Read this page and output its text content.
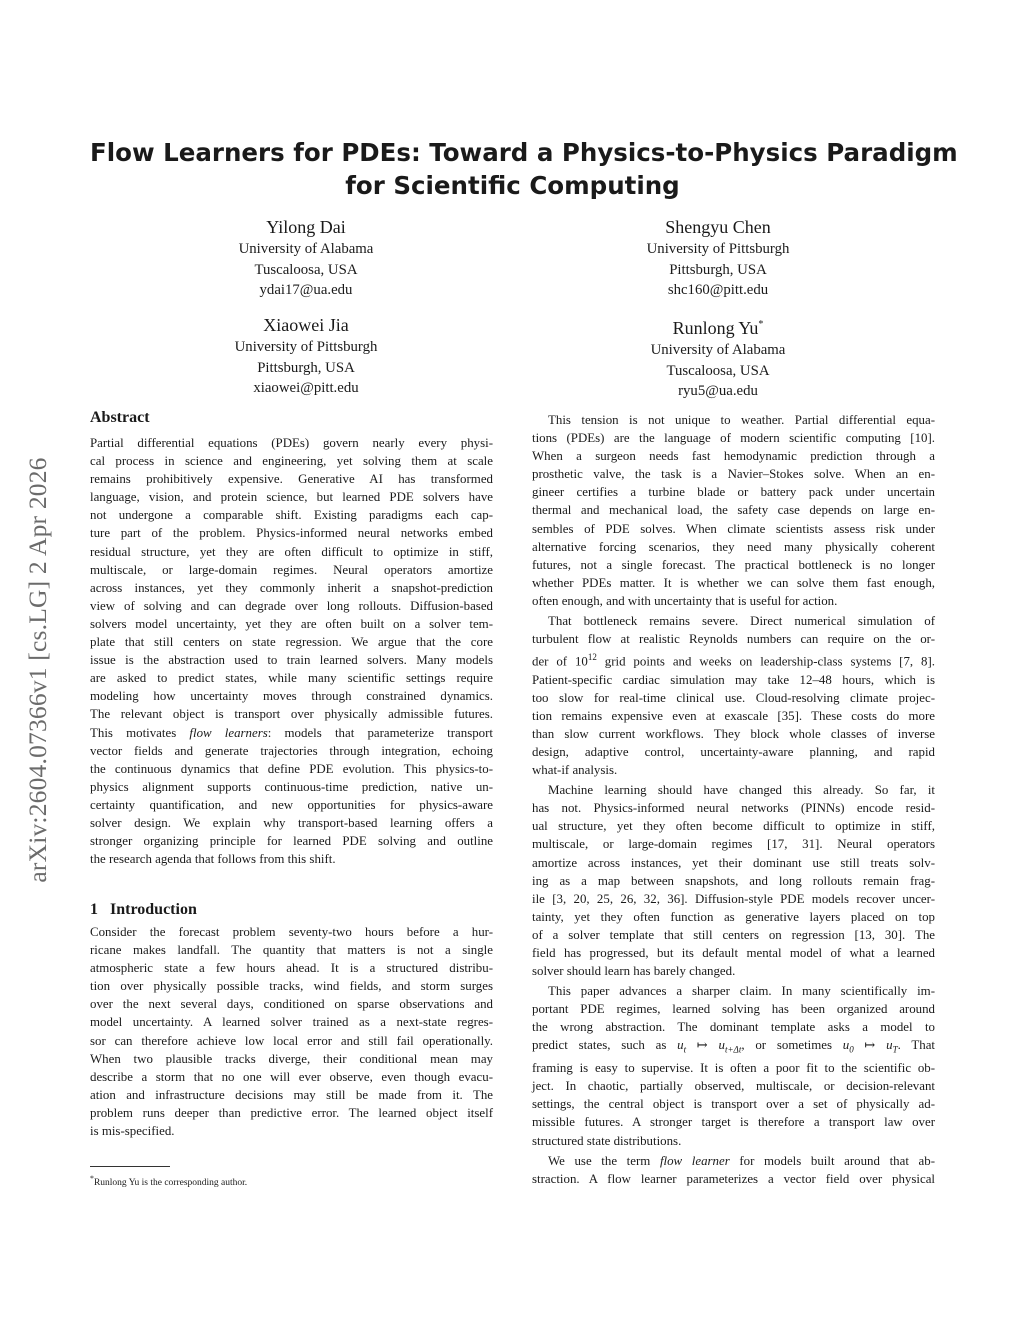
arXiv:2604.07366v1 [cs.LG] 2 Apr 2026
Flow Learners for PDEs: Toward a Physics-to-Physics Paradigm
for Scientific Computing
Yilong Dai
University of Alabama
Tuscaloosa, USA
ydai17@ua.edu
Shengyu Chen
University of Pittsburgh
Pittsburgh, USA
shc160@pitt.edu
Xiaowei Jia
University of Pittsburgh
Pittsburgh, USA
xiaowei@pitt.edu
Runlong Yu*
University of Alabama
Tuscaloosa, USA
ryu5@ua.edu
Abstract
Partial differential equations (PDEs) govern nearly every physi-
cal process in science and engineering, yet solving them at scale
remains prohibitively expensive. Generative AI has transformed
language, vision, and protein science, but learned PDE solvers have
not undergone a comparable shift. Existing paradigms each cap-
ture part of the problem. Physics-informed neural networks embed
residual structure, yet they are often difficult to optimize in stiff,
multiscale, or large-domain regimes. Neural operators amortize
across instances, yet they commonly inherit a snapshot-prediction
view of solving and can degrade over long rollouts. Diffusion-based
solvers model uncertainty, yet they are often built on a solver tem-
plate that still centers on state regression. We argue that the core
issue is the abstraction used to train learned solvers. Many models
are asked to predict states, while many scientific settings require
modeling how uncertainty moves through constrained dynamics.
The relevant object is transport over physically admissible futures.
This motivates flow learners: models that parameterize transport
vector fields and generate trajectories through integration, echoing
the continuous dynamics that define PDE evolution. This physics-to-
physics alignment supports continuous-time prediction, native un-
certainty quantification, and new opportunities for physics-aware
solver design. We explain why transport-based learning offers a
stronger organizing principle for learned PDE solving and outline
the research agenda that follows from this shift.
1 Introduction
Consider the forecast problem seventy-two hours before a hur-
ricane makes landfall. The quantity that matters is not a single
atmospheric state a few hours ahead. It is a structured distribu-
tion over physically possible tracks, wind fields, and storm surges
over the next several days, conditioned on sparse observations and
model uncertainty. A learned solver trained as a next-state regres-
sor can therefore achieve low local error and still fail operationally.
When two plausible tracks diverge, their conditional mean may
describe a storm that no one will ever observe, even though evacu-
ation and infrastructure decisions may still be made from it. The
problem runs deeper than predictive error. The learned object itself
is mis-specified.
*Runlong Yu is the corresponding author.
This tension is not unique to weather. Partial differential equa-
tions (PDEs) are the language of modern scientific computing [10].
When a surgeon needs fast hemodynamic prediction through a
prosthetic valve, the task is a Navier–Stokes solve. When an en-
gineer certifies a turbine blade or battery pack under uncertain
thermal and mechanical load, the safety case depends on large en-
sembles of PDE solves. When climate scientists assess risk under
alternative forcing scenarios, they need many physically coherent
futures, not a single forecast. The practical bottleneck is no longer
whether PDEs matter. It is whether we can solve them fast enough,
often enough, and with uncertainty that is useful for action.
That bottleneck remains severe. Direct numerical simulation of
turbulent flow at realistic Reynolds numbers can require on the or-
der of $10^{12}$ grid points and weeks on leadership-class systems [7, 8].
Patient-specific cardiac simulation may take 12–48 hours, which is
too slow for real-time clinical use. Cloud-resolving climate projec-
tion remains expensive even at exascale [35]. These costs do more
than slow current workflows. They block whole classes of inverse
design, adaptive control, uncertainty-aware planning, and rapid
what-if analysis.
Machine learning should have changed this already. So far, it
has not. Physics-informed neural networks (PINNs) encode resid-
ual structure, yet they often become difficult to optimize in stiff,
multiscale, or large-domain regimes [17, 31]. Neural operators
amortize across instances, yet their dominant use still treats solv-
ing as a map between snapshots, and long rollouts remain frag-
ile [3, 20, 25, 26, 32, 36]. Diffusion-style PDE models recover uncer-
tainty, yet they often function as generative layers placed on top
of a solver template that still centers on regression [13, 30]. The
field has progressed, but its default mental model of what a learned
solver should learn has barely changed.
This paper advances a sharper claim. In many scientifically im-
portant PDE regimes, learned solving has been organized around
the wrong abstraction. The dominant template asks a model to
predict states, such as $u_t$ ↦ $u_{t+\Delta t}$, or sometimes $u_0$ ↦ $u_T$. That
framing is easy to supervise. It is often a poor fit to the scientific ob-
ject. In chaotic, partially observed, multiscale, or decision-relevant
settings, the central object is transport over a set of physically ad-
missible futures. A stronger target is therefore a transport law over
structured state distributions.
We use the term flow learner for models built around that ab-
straction. A flow learner parameterizes a vector field over physical
